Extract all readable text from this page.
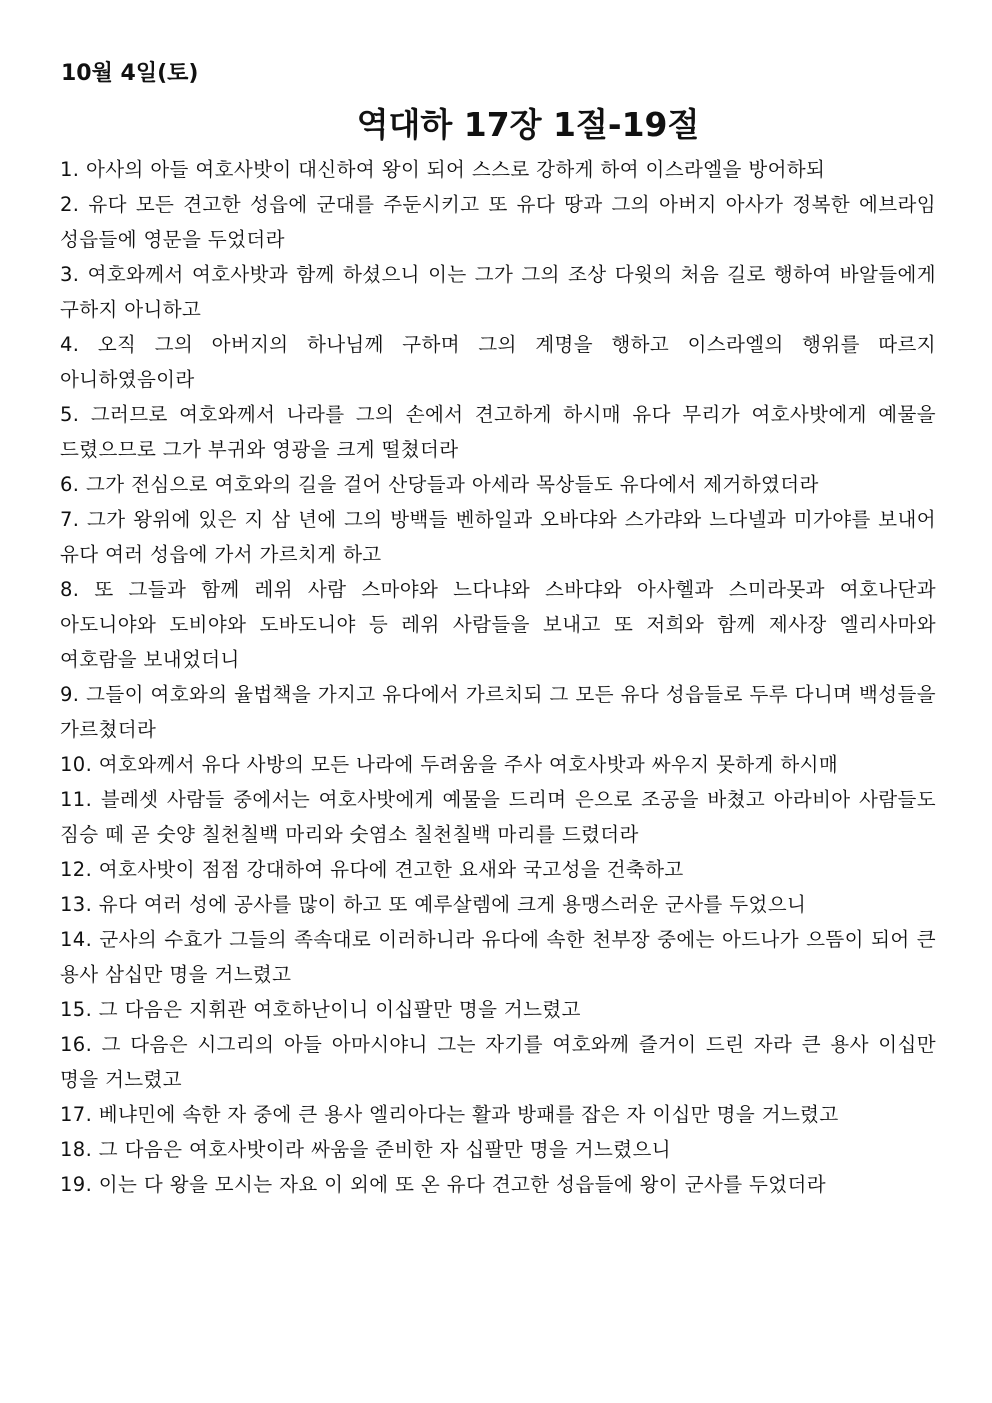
10월 4일(토)

역대하 17장 1절-19절
1. 아사의 아들 여호사밧이 대신하여 왕이 되어 스스로 강하게 하여 이스라엘을 방어하되
2. 유다 모든 견고한 성읍에 군대를 주둔시키고 또 유다 땅과 그의 아버지 아사가 정복한 에브라임 성읍들에 영문을 두었더라
3. 여호와께서 여호사밧과 함께 하셨으니 이는 그가 그의 조상 다윗의 처음 길로 행하여 바알들에게 구하지 아니하고
4. 오직 그의 아버지의 하나님께 구하며 그의 계명을 행하고 이스라엘의 행위를 따르지 아니하였음이라
5. 그러므로 여호와께서 나라를 그의 손에서 견고하게 하시매 유다 무리가 여호사밧에게 예물을 드렸으므로 그가 부귀와 영광을 크게 떨쳤더라
6. 그가 전심으로 여호와의 길을 걸어 산당들과 아세라 목상들도 유다에서 제거하였더라
7. 그가 왕위에 있은 지 삼 년에 그의 방백들 벤하일과 오바댜와 스가랴와 느다넬과 미가야를 보내어 유다 여러 성읍에 가서 가르치게 하고
8. 또 그들과 함께 레위 사람 스마야와 느다냐와 스바댜와 아사헬과 스미라못과 여호나단과 아도니야와 도비야와 도바도니야 등 레위 사람들을 보내고 또 저희와 함께 제사장 엘리사마와 여호람을 보내었더니
9. 그들이 여호와의 율법책을 가지고 유다에서 가르치되 그 모든 유다 성읍들로 두루 다니며 백성들을 가르쳤더라
10. 여호와께서 유다 사방의 모든 나라에 두려움을 주사 여호사밧과 싸우지 못하게 하시매
11. 블레셋 사람들 중에서는 여호사밧에게 예물을 드리며 은으로 조공을 바쳤고 아라비아 사람들도 짐승 떼 곧 숫양 칠천칠백 마리와 숫염소 칠천칠백 마리를 드렸더라
12. 여호사밧이 점점 강대하여 유다에 견고한 요새와 국고성을 건축하고
13. 유다 여러 성에 공사를 많이 하고 또 예루살렘에 크게 용맹스러운 군사를 두었으니
14. 군사의 수효가 그들의 족속대로 이러하니라 유다에 속한 천부장 중에는 아드나가 으뜸이 되어 큰 용사 삼십만 명을 거느렸고
15. 그 다음은 지휘관 여호하난이니 이십팔만 명을 거느렸고
16. 그 다음은 시그리의 아들 아마시야니 그는 자기를 여호와께 즐거이 드린 자라 큰 용사 이십만 명을 거느렸고
17. 베냐민에 속한 자 중에 큰 용사 엘리아다는 활과 방패를 잡은 자 이십만 명을 거느렸고
18. 그 다음은 여호사밧이라 싸움을 준비한 자 십팔만 명을 거느렸으니
19. 이는 다 왕을 모시는 자요 이 외에 또 온 유다 견고한 성읍들에 왕이 군사를 두었더라
